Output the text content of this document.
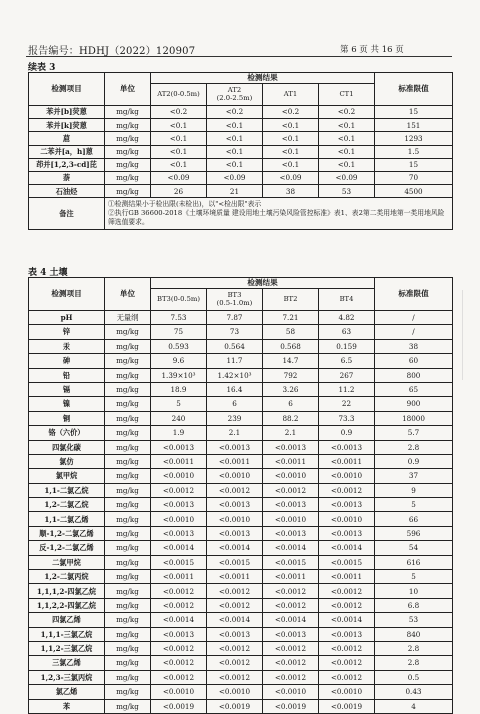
报告编号：HDHJ（2022）120907	第 6 页 共 16 页
续表 3
检测项目	单位	检测结果				标准限值
		AT2(0-0.5m)	AT2
(2.0-2.5m)	AT1	CT1	
苯并[b]荧蒽	mg/kg	<0.2	<0.2	<0.2	<0.2	15
苯并[k]荧蒽	mg/kg	<0.1	<0.1	<0.1	<0.1	151
䓛	mg/kg	<0.1	<0.1	<0.1	<0.1	1293
二苯并[a，h]蒽	mg/kg	<0.1	<0.1	<0.1	<0.1	1.5
茚并[1,2,3-cd]芘	mg/kg	<0.1	<0.1	<0.1	<0.1	15
萘	mg/kg	<0.09	<0.09	<0.09	<0.09	70
石油烃	mg/kg	26	21	38	53	4500
备注	①检测结果小于检出限(未检出)，以"<检出限"表示
②执行GB 36600-2018《土壤环境质量 建设用地土壤污染风险管控标准》表1、表2第二类用地第一类用地风险筛选值要求。					
表 4 土壤
检测项目	单位	检测结果				标准限值
		BT3(0-0.5m)	BT3
(0.5-1.0m)	BT2	BT4	
pH	无量纲	7.53	7.87	7.21	4.82	/
锌	mg/kg	75	73	58	63	/
汞	mg/kg	0.593	0.564	0.568	0.159	38
砷	mg/kg	9.6	11.7	14.7	6.5	60
铅	mg/kg	1.39×10³	1.42×10³	792	267	800
镉	mg/kg	18.9	16.4	3.26	11.2	65
镍	mg/kg	5	6	6	22	900
铜	mg/kg	240	239	88.2	73.3	18000
铬（六价）	mg/kg	1.9	2.1	2.1	0.9	5.7
四氯化碳	mg/kg	<0.0013	<0.0013	<0.0013	<0.0013	2.8
氯仿	mg/kg	<0.0011	<0.0011	<0.0011	<0.0011	0.9
氯甲烷	mg/kg	<0.0010	<0.0010	<0.0010	<0.0010	37
1,1-二氯乙烷	mg/kg	<0.0012	<0.0012	<0.0012	<0.0012	9
1,2-二氯乙烷	mg/kg	<0.0013	<0.0013	<0.0013	<0.0013	5
1,1-二氯乙烯	mg/kg	<0.0010	<0.0010	<0.0010	<0.0010	66
顺-1,2-二氯乙烯	mg/kg	<0.0013	<0.0013	<0.0013	<0.0013	596
反-1,2-二氯乙烯	mg/kg	<0.0014	<0.0014	<0.0014	<0.0014	54
二氯甲烷	mg/kg	<0.0015	<0.0015	<0.0015	<0.0015	616
1,2-二氯丙烷	mg/kg	<0.0011	<0.0011	<0.0011	<0.0011	5
1,1,1,2-四氯乙烷	mg/kg	<0.0012	<0.0012	<0.0012	<0.0012	10
1,1,2,2-四氯乙烷	mg/kg	<0.0012	<0.0012	<0.0012	<0.0012	6.8
四氯乙烯	mg/kg	<0.0014	<0.0014	<0.0014	<0.0014	53
1,1,1-三氯乙烷	mg/kg	<0.0013	<0.0013	<0.0013	<0.0013	840
1,1,2-三氯乙烷	mg/kg	<0.0012	<0.0012	<0.0012	<0.0012	2.8
三氯乙烯	mg/kg	<0.0012	<0.0012	<0.0012	<0.0012	2.8
1,2,3-三氯丙烷	mg/kg	<0.0012	<0.0012	<0.0012	<0.0012	0.5
氯乙烯	mg/kg	<0.0010	<0.0010	<0.0010	<0.0010	0.43
苯	mg/kg	<0.0019	<0.0019	<0.0019	<0.0019	4
